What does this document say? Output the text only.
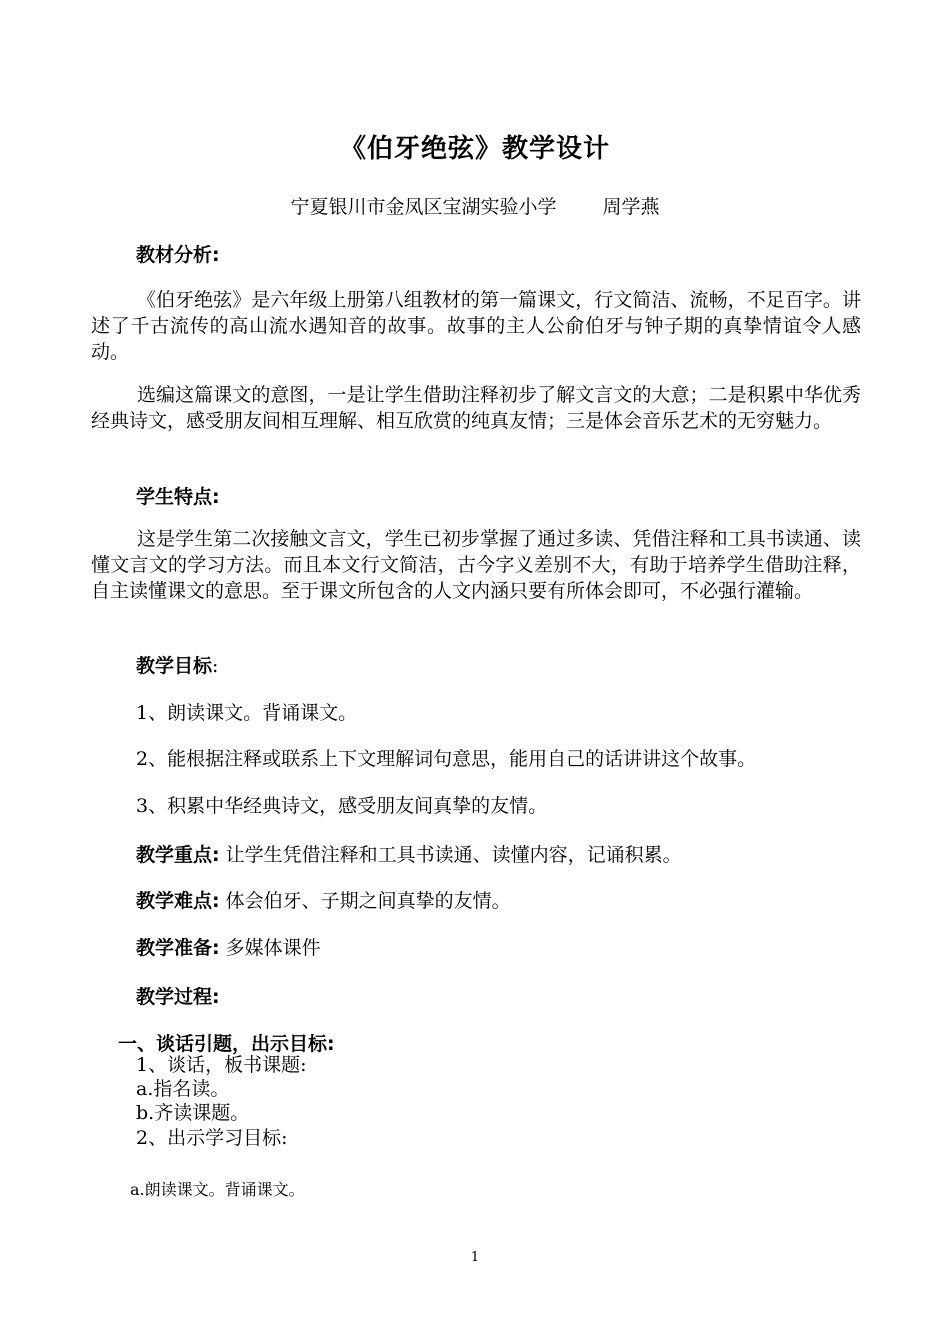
《伯牙绝弦》教学设计
宁夏银川市金凤区宝湖实验小学 周学燕
教材分析:

《伯牙绝弦》是六年级上册第八组教材的第一篇课文，行文简洁、流畅，不足百字。讲述了千古流传的高山流水遇知音的故事。故事的主人公俞伯牙与钟子期的真挚情谊令人感动。

选编这篇课文的意图，一是让学生借助注释初步了解文言文的大意；二是积累中华优秀经典诗文，感受朋友间相互理解、相互欣赏的纯真友情；三是体会音乐艺术的无穷魅力。

学生特点:

这是学生第二次接触文言文，学生已初步掌握了通过多读、凭借注释和工具书读通、读懂文言文的学习方法。而且本文行文简洁，古今字义差别不大，有助于培养学生借助注释，自主读懂课文的意思。至于课文所包含的人文内涵只要有所体会即可，不必强行灌输。

教学目标:
1、朗读课文。背诵课文。
2、能根据注释或联系上下文理解词句意思，能用自己的话讲讲这个故事。
3、积累中华经典诗文，感受朋友间真挚的友情。
教学重点: 让学生凭借注释和工具书读通、读懂内容，记诵积累。
教学难点: 体会伯牙、子期之间真挚的友情。
教学准备: 多媒体课件
教学过程:
一、谈话引题，出示目标:
1、谈话，板书课题:
a.指名读。
b.齐读课题。
2、出示学习目标:
a.朗读课文。背诵课文。
1
